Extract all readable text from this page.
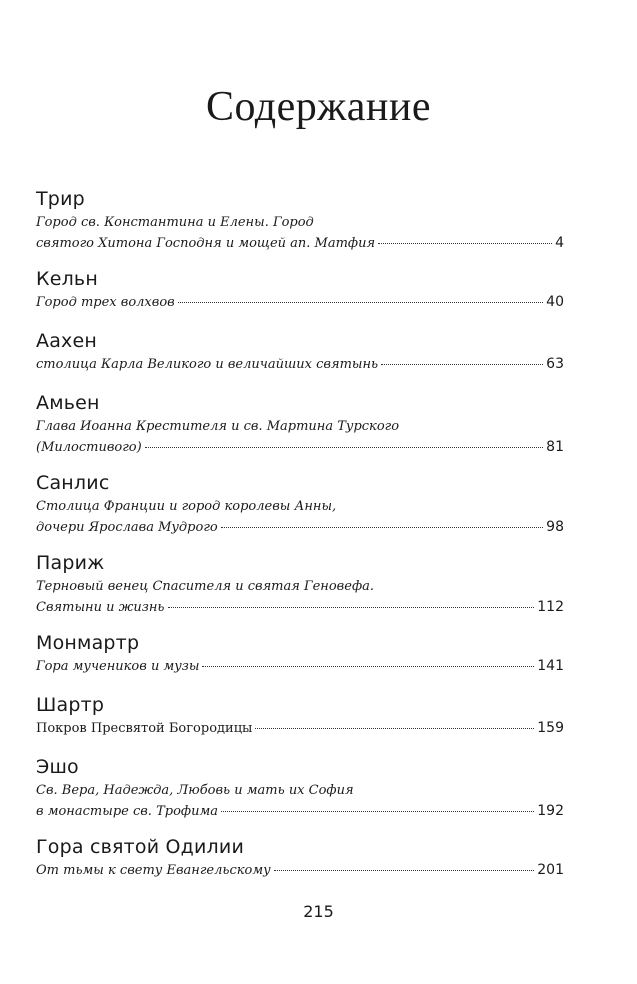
Содержание
Трир
Город св. Константина и Елены. Город
святого Хитона Господня и мощей ап. Матфия	4
Кельн
Город трех волхвов	40
Аахен
столица Карла Великого и величайших святынь	63
Амьен
Глава Иоанна Крестителя и св. Мартина Турского
(Милостивого)	81
Санлис
Столица Франции и город королевы Анны,
дочери Ярослава Мудрого	98
Париж
Терновый венец Спасителя и святая Геновефа.
Святыни и жизнь	112
Монмартр
Гора мучеников и музы	141
Шартр
Покров Пресвятой Богородицы	159
Эшо
Св. Вера, Надежда, Любовь и мать их София
в монастыре св. Трофима	192
Гора святой Одилии
От тьмы к свету Евангельскому	201
215
